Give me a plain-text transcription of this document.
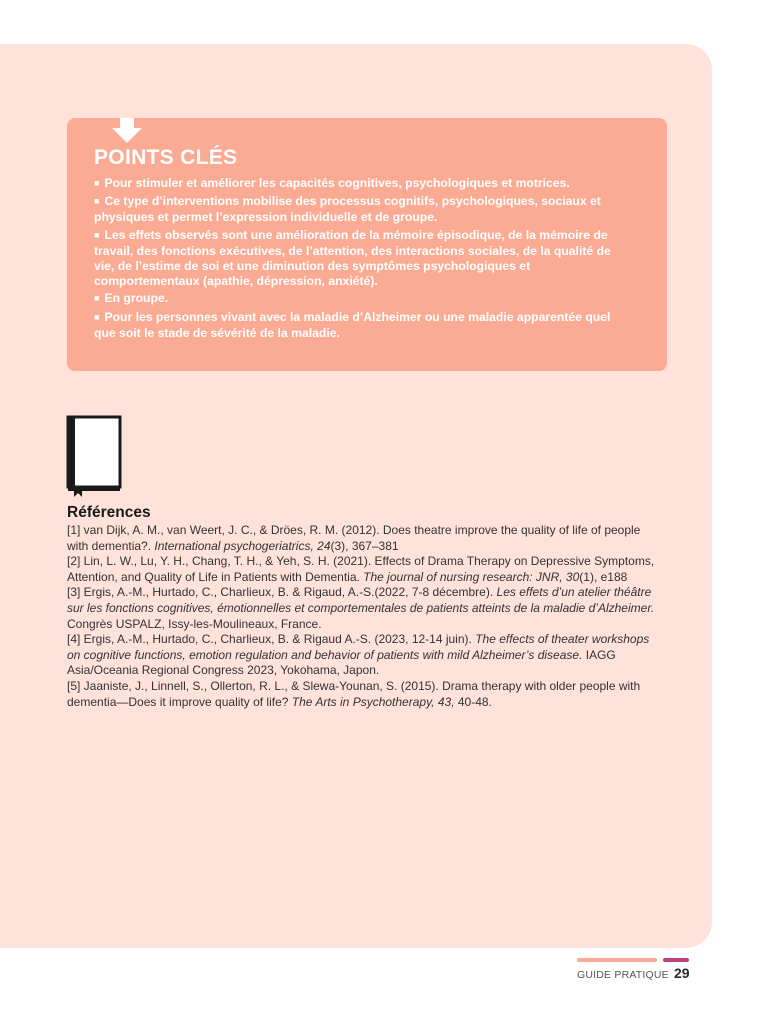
POINTS CLÉS
■ Pour stimuler et améliorer les capacités cognitives, psychologiques et motrices.
■ Ce type d’interventions mobilise des processus cognitifs, psychologiques, sociaux et physiques et permet l’expression individuelle et de groupe.
■ Les effets observés sont une amélioration de la mémoire épisodique, de la mémoire de travail, des fonctions exécutives, de l’attention, des interactions sociales, de la qualité de vie, de l’estime de soi et une diminution des symptômes psychologiques et comportementaux (apathie, dépression, anxiété).
■ En groupe.
■ Pour les personnes vivant avec la maladie d’Alzheimer ou une maladie apparentée quel que soit le stade de sévérité de la maladie.
Références
[1] van Dijk, A. M., van Weert, J. C., & Dröes, R. M. (2012). Does theatre improve the quality of life of people with dementia?. International psychogeriatrics, 24(3), 367–381
[2] Lin, L. W., Lu, Y. H., Chang, T. H., & Yeh, S. H. (2021). Effects of Drama Therapy on Depressive Symptoms, Attention, and Quality of Life in Patients with Dementia. The journal of nursing research: JNR, 30(1), e188
[3] Ergis, A.-M., Hurtado, C., Charlieux, B. & Rigaud, A.-S.(2022, 7-8 décembre). Les effets d’un atelier théâtre sur les fonctions cognitives, émotionnelles et comportementales de patients atteints de la maladie d’Alzheimer. Congrès USPALZ, Issy-les-Moulineaux, France.
[4] Ergis, A.-M., Hurtado, C., Charlieux, B. & Rigaud A.-S. (2023, 12-14 juin). The effects of theater workshops on cognitive functions, emotion regulation and behavior of patients with mild Alzheimer’s disease. IAGG Asia/Oceania Regional Congress 2023, Yokohama, Japon.
[5] Jaaniste, J., Linnell, S., Ollerton, R. L., & Slewa-Younan, S. (2015). Drama therapy with older people with dementia—Does it improve quality of life? The Arts in Psychotherapy, 43, 40-48.
GUIDE PRATIQUE 29
